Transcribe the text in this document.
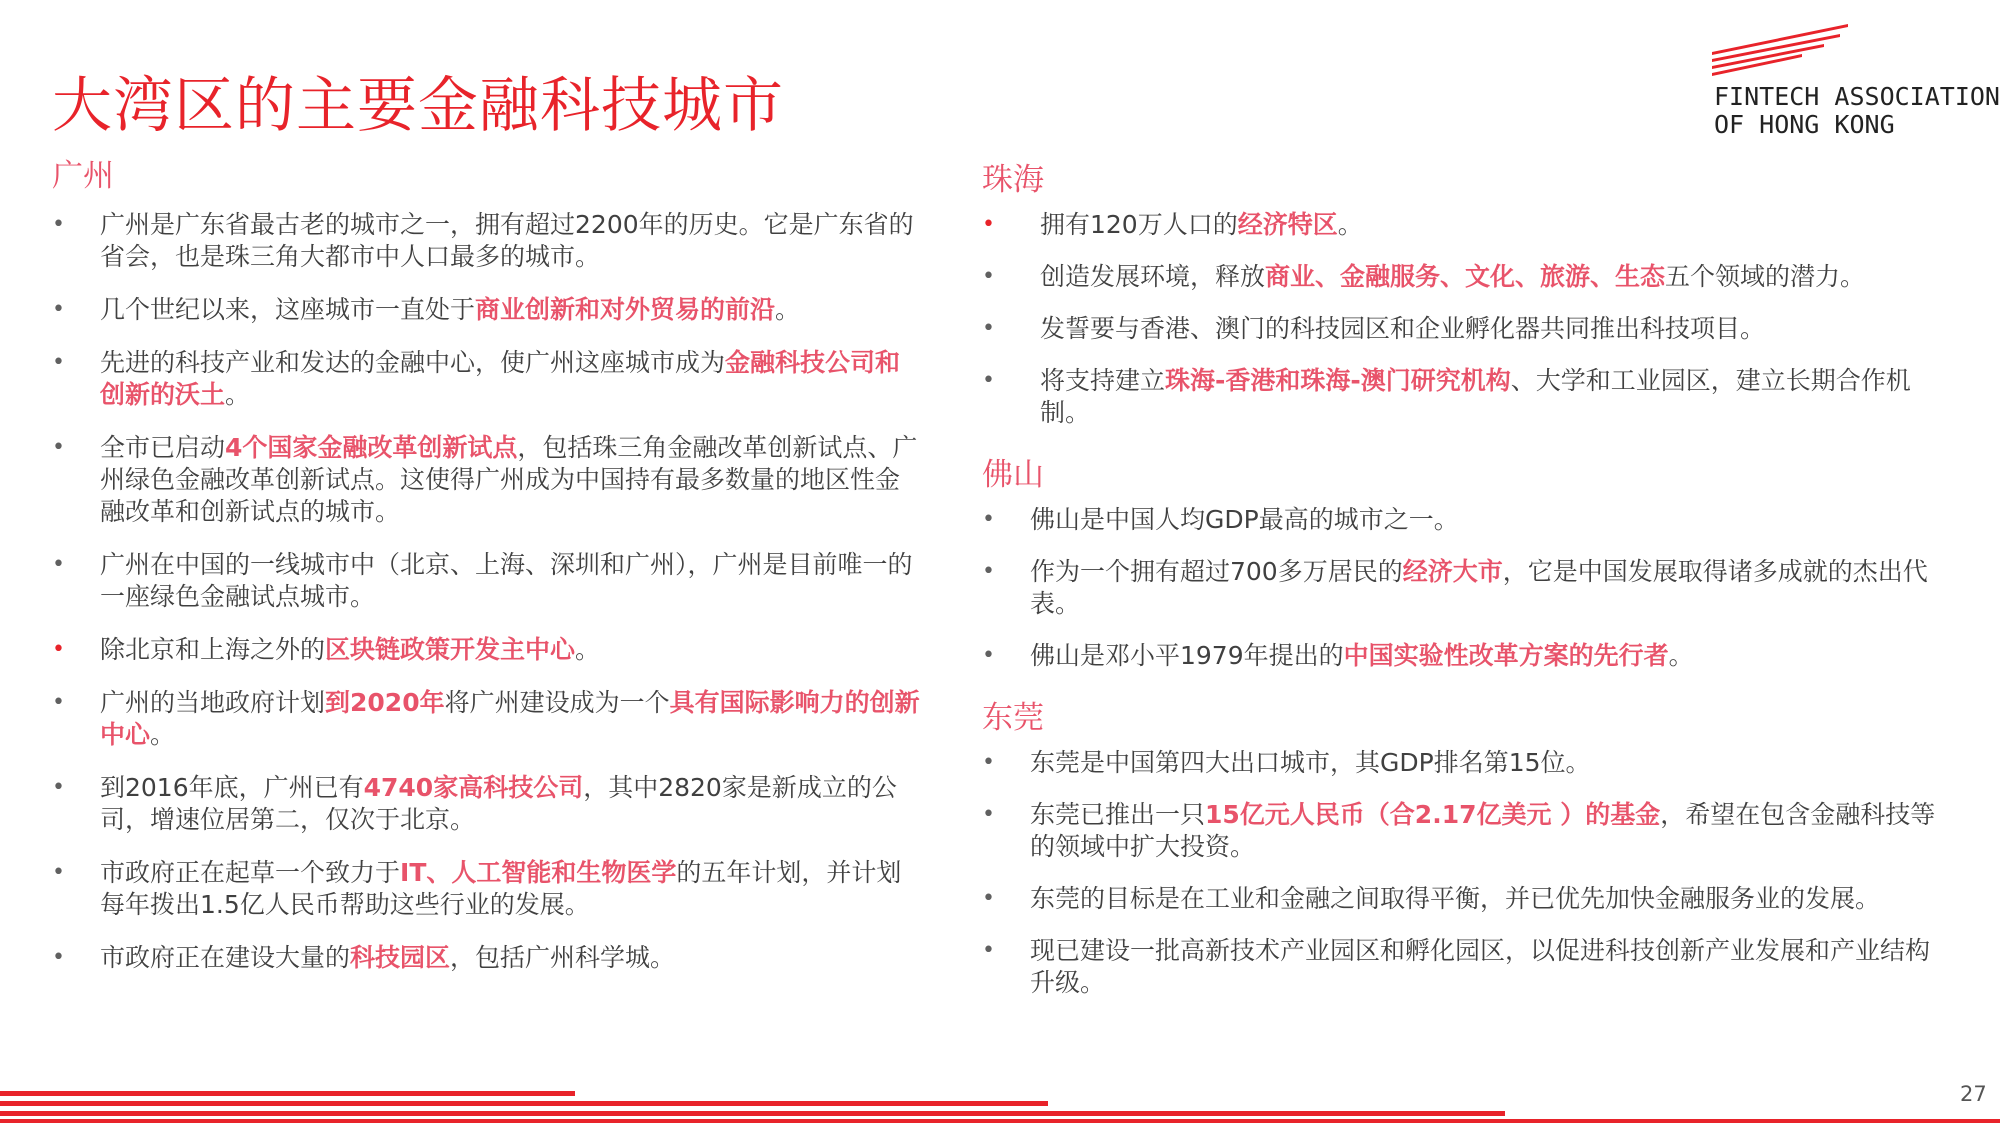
大湾区的主要金融科技城市	FINTECH ASSOCIATION
OF HONG KONG
广州
• 广州是广东省最古老的城市之一，拥有超过2200年的历史。它是广东省的省会，也是珠三角大都市中人口最多的城市。
• 几个世纪以来，这座城市一直处于商业创新和对外贸易的前沿。
• 先进的科技产业和发达的金融中心，使广州这座城市成为金融科技公司和创新的沃土。
• 全市已启动4个国家金融改革创新试点，包括珠三角金融改革创新试点、广州绿色金融改革创新试点。这使得广州成为中国持有最多数量的地区性金融改革和创新试点的城市。
• 广州在中国的一线城市中（北京、上海、深圳和广州），广州是目前唯一的一座绿色金融试点城市。
• 除北京和上海之外的区块链政策开发主中心。
• 广州的当地政府计划到2020年将广州建设成为一个具有国际影响力的创新中心。
• 到2016年底，广州已有4740家高科技公司，其中2820家是新成立的公司，增速位居第二，仅次于北京。
• 市政府正在起草一个致力于IT、人工智能和生物医学的五年计划，并计划每年拨出1.5亿人民币帮助这些行业的发展。
• 市政府正在建设大量的科技园区，包括广州科学城。
珠海
• 拥有120万人口的经济特区。
• 创造发展环境，释放商业、金融服务、文化、旅游、生态五个领域的潜力。
• 发誓要与香港、澳门的科技园区和企业孵化器共同推出科技项目。
• 将支持建立珠海-香港和珠海-澳门研究机构、大学和工业园区，建立长期合作机制。
佛山
• 佛山是中国人均GDP最高的城市之一。
• 作为一个拥有超过700多万居民的经济大市，它是中国发展取得诸多成就的杰出代表。
• 佛山是邓小平1979年提出的中国实验性改革方案的先行者。
东莞
• 东莞是中国第四大出口城市，其GDP排名第15位。
• 东莞已推出一只15亿元人民币（合2.17亿美元 ）的基金，希望在包含金融科技等的领域中扩大投资。
• 东莞的目标是在工业和金融之间取得平衡，并已优先加快金融服务业的发展。
• 现已建设一批高新技术产业园区和孵化园区，以促进科技创新产业发展和产业结构升级。
27
